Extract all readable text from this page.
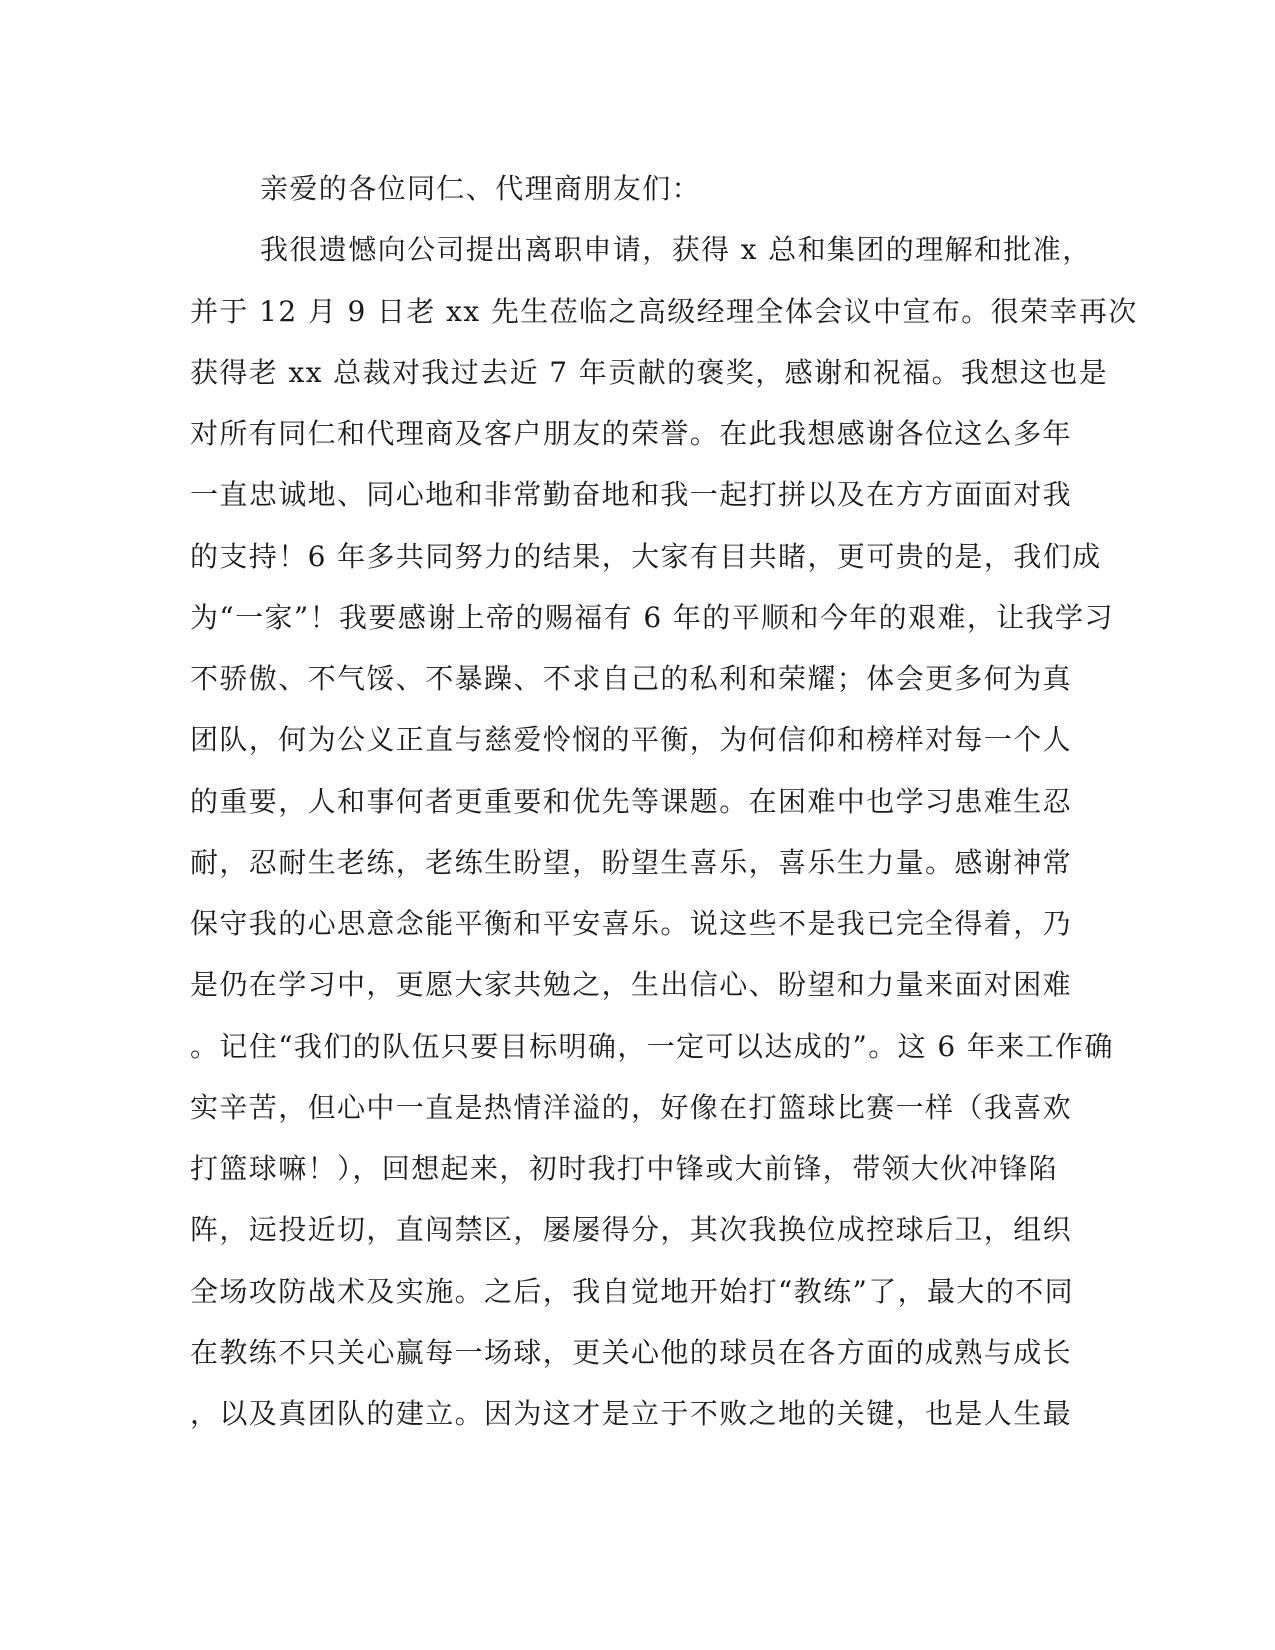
亲爱的各位同仁、代理商朋友们：
我很遗憾向公司提出离职申请，获得 x 总和集团的理解和批准，
并于 12 月 9 日老 xx 先生莅临之高级经理全体会议中宣布。很荣幸再次
获得老 xx 总裁对我过去近 7 年贡献的褒奖，感谢和祝福。我想这也是
对所有同仁和代理商及客户朋友的荣誉。在此我想感谢各位这么多年
一直忠诚地、同心地和非常勤奋地和我一起打拼以及在方方面面对我
的支持！6 年多共同努力的结果，大家有目共睹，更可贵的是，我们成
为“一家”！我要感谢上帝的赐福有 6 年的平顺和今年的艰难，让我学习
不骄傲、不气馁、不暴躁、不求自己的私利和荣耀；体会更多何为真
团队，何为公义正直与慈爱怜悯的平衡，为何信仰和榜样对每一个人
的重要，人和事何者更重要和优先等课题。在困难中也学习患难生忍
耐，忍耐生老练，老练生盼望，盼望生喜乐，喜乐生力量。感谢神常
保守我的心思意念能平衡和平安喜乐。说这些不是我已完全得着，乃
是仍在学习中，更愿大家共勉之，生出信心、盼望和力量来面对困难
。记住“我们的队伍只要目标明确，一定可以达成的”。这 6 年来工作确
实辛苦，但心中一直是热情洋溢的，好像在打篮球比赛一样（我喜欢
打篮球嘛！），回想起来，初时我打中锋或大前锋，带领大伙冲锋陷
阵，远投近切，直闯禁区，屡屡得分，其次我换位成控球后卫，组织
全场攻防战术及实施。之后，我自觉地开始打“教练”了，最大的不同
在教练不只关心赢每一场球，更关心他的球员在各方面的成熟与成长
，以及真团队的建立。因为这才是立于不败之地的关键，也是人生最
